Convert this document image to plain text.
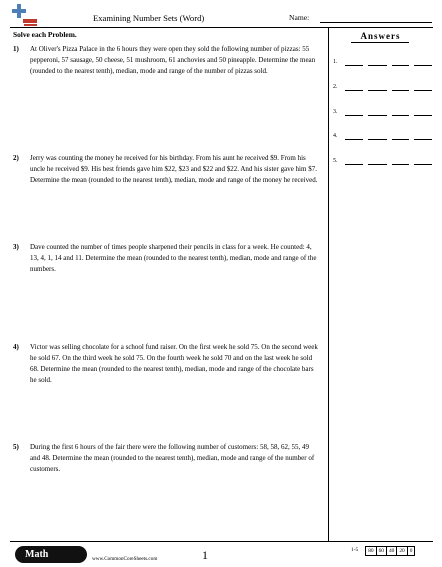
Examining Number Sets (Word)	Name:
Solve each Problem.
1) At Oliver's Pizza Palace in the 6 hours they were open they sold the following number of pizzas: 55 pepperoni, 57 sausage, 50 cheese, 51 mushroom, 61 anchovies and 50 pineapple. Determine the mean (rounded to the nearest tenth), median, mode and range of the number of pizzas sold.
2) Jerry was counting the money he received for his birthday. From his aunt he received $9. From his uncle he received $9. His best friends gave him $22, $23 and $22 and $22. And his sister gave him $7. Determine the mean (rounded to the nearest tenth), median, mode and range of the money he received.
3) Dave counted the number of times people sharpened their pencils in class for a week. He counted: 4, 13, 4, 1, 14 and 11. Determine the mean (rounded to the nearest tenth), median, mode and range of the numbers.
4) Victor was selling chocolate for a school fund raiser. On the first week he sold 75. On the second week he sold 67. On the third week he sold 75. On the fourth week he sold 70 and on the last week he sold 68. Determine the mean (rounded to the nearest tenth), median, mode and range of the chocolate bars he sold.
5) During the first 6 hours of the fair there were the following number of customers: 58, 58, 62, 55, 49 and 48. Determine the mean (rounded to the nearest tenth), median, mode and range of the number of customers.
Answers
1.
2.
3.
4.
5.
Math	www.CommonCoreSheets.com	1	1-5	80 60 40 20 0
